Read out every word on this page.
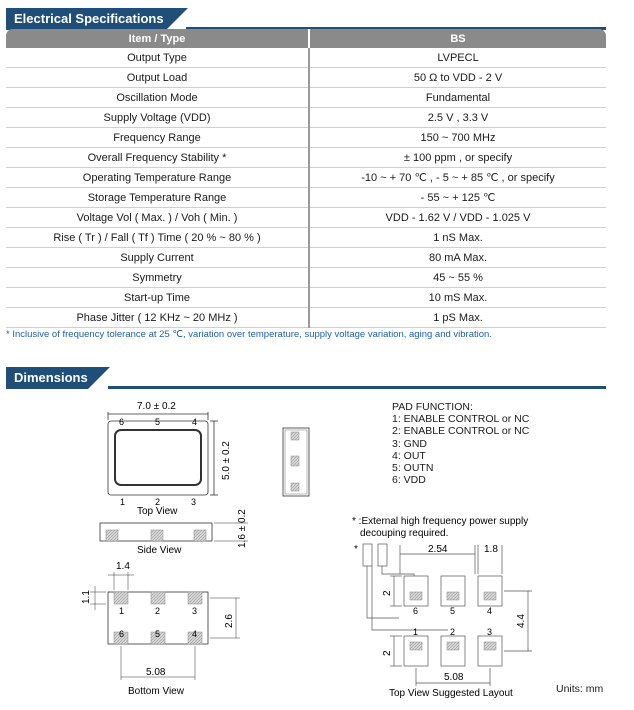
Electrical Specifications
Item / Type	BS
Output Type	LVPECL
Output Load	50 Ω to VDD - 2 V
Oscillation Mode	Fundamental
Supply Voltage (VDD)	2.5 V , 3.3 V
Frequency Range	150 ~ 700 MHz
Overall Frequency Stability *	± 100 ppm , or specify
Operating Temperature Range	-10 ~ + 70 ℃ , - 5 ~ + 85 ℃ , or specify
Storage Temperature Range	- 55 ~ + 125 ℃
Voltage Vol ( Max. ) / Voh ( Min. )	VDD - 1.62 V / VDD - 1.025 V
Rise ( Tr ) / Fall ( Tf ) Time ( 20 % ~ 80 % )	1 nS Max.
Supply Current	80 mA Max.
Symmetry	45 ~ 55 %
Start-up Time	10 mS Max.
Phase Jitter ( 12 KHz ~ 20 MHz )	1 pS Max.
* Inclusive of frequency tolerance at 25 ℃, variation over temperature, supply voltage variation, aging and vibration.
Dimensions
7.0 ± 0.2
5.0 ± 0.2
6	5	4
1	2	3
Top View	1.6 ± 0.2
Side View
1.4
1.1
2.6
1	2	3
6	5	4
5.08
Bottom View
* :External high frequency power supply
decouping required.
*	2.54	1.8
2
2
4.4
6	5	4
1	2	3
5.08
Top View Suggested Layout
PAD FUNCTION:
1: ENABLE CONTROL or NC
2: ENABLE CONTROL or NC
3: GND
4: OUT
5: OUTN
6: VDD
Units: mm
